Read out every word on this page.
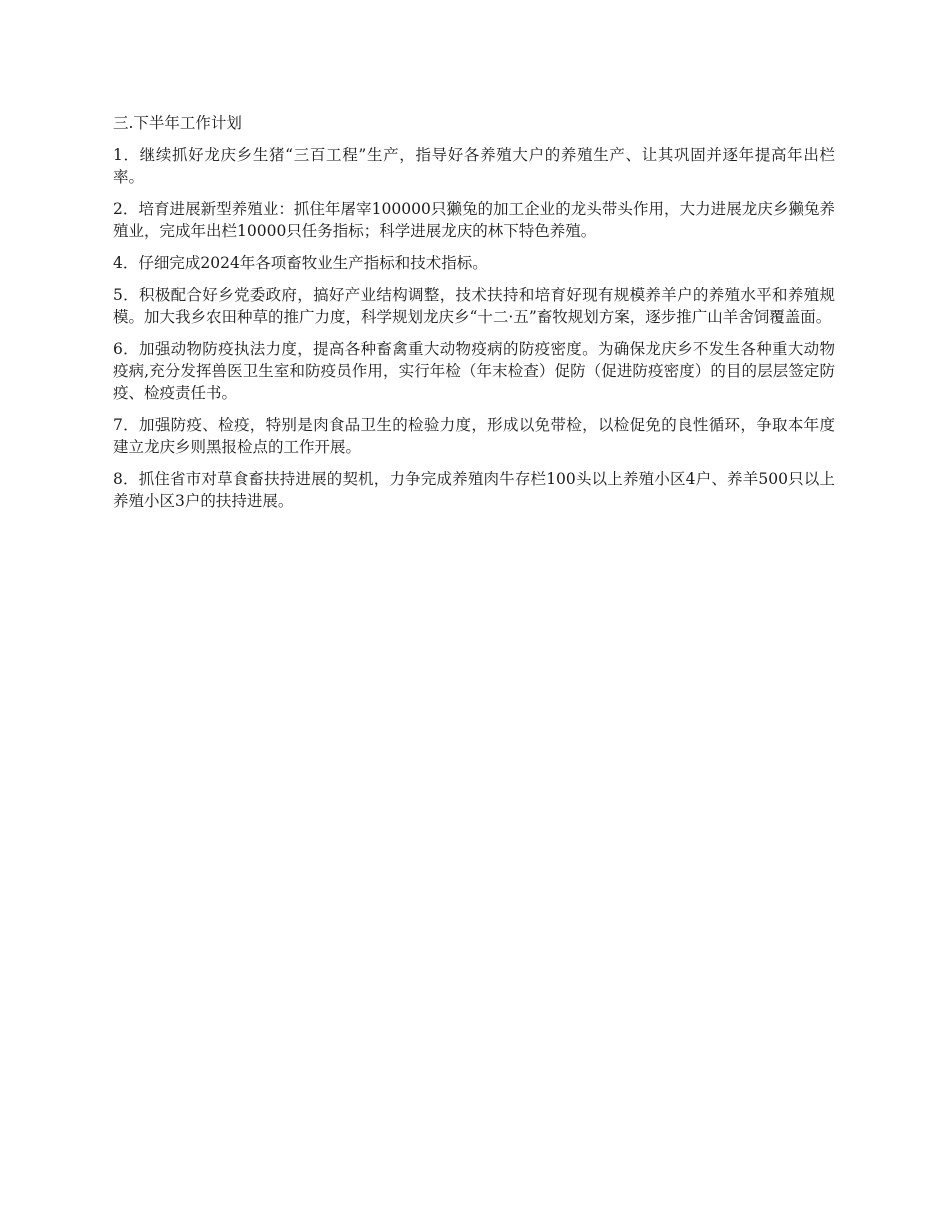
三.下半年工作计划
1．继续抓好龙庆乡生猪“三百工程”生产，指导好各养殖大户的养殖生产、让其巩固并逐年提高年出栏率。
2．培育进展新型养殖业：抓住年屠宰100000只獭兔的加工企业的龙头带头作用，大力进展龙庆乡獭兔养殖业，完成年出栏10000只任务指标；科学进展龙庆的林下特色养殖。
4．仔细完成2024年各项畜牧业生产指标和技术指标。
5．积极配合好乡党委政府，搞好产业结构调整，技术扶持和培育好现有规模养羊户的养殖水平和养殖规模。加大我乡农田种草的推广力度，科学规划龙庆乡“十二·五”畜牧规划方案，逐步推广山羊舍饲覆盖面。
6．加强动物防疫执法力度，提高各种畜禽重大动物疫病的防疫密度。为确保龙庆乡不发生各种重大动物疫病,充分发挥兽医卫生室和防疫员作用，实行年检（年末检查）促防（促进防疫密度）的目的层层签定防疫、检疫责任书。
7．加强防疫、检疫，特别是肉食品卫生的检验力度，形成以免带检，以检促免的良性循环，争取本年度建立龙庆乡则黑报检点的工作开展。
8．抓住省市对草食畜扶持进展的契机，力争完成养殖肉牛存栏100头以上养殖小区4户、养羊500只以上养殖小区3户的扶持进展。
